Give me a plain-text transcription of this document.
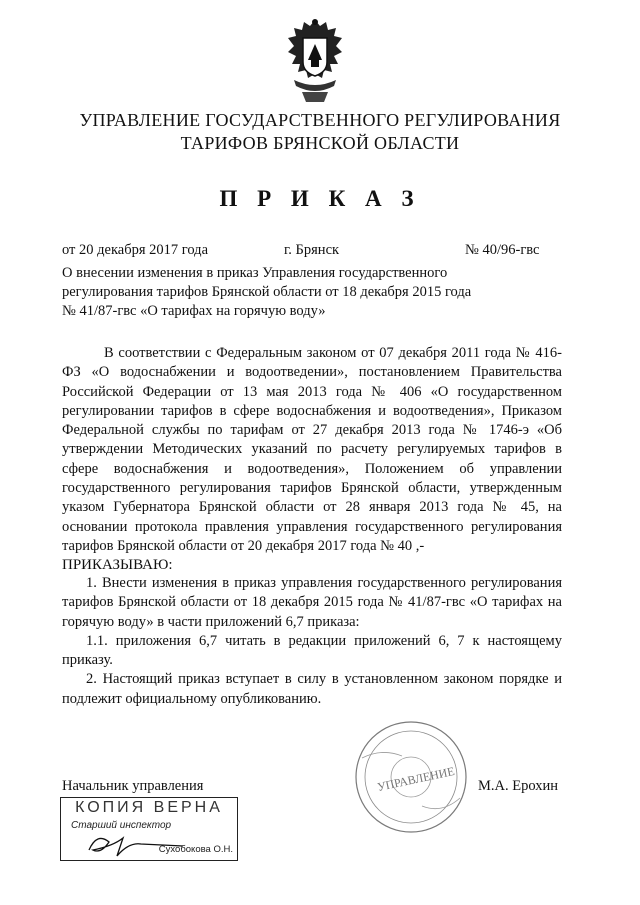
УПРАВЛЕНИЕ ГОСУДАРСТВЕННОГО РЕГУЛИРОВАНИЯ
ТАРИФОВ БРЯНСКОЙ ОБЛАСТИ
П Р И К А З
от 20 декабря 2017 года	г. Брянск	№ 40/96-гвс
О внесении изменения в приказ Управления государственного
регулирования тарифов Брянской области от 18 декабря 2015 года
№ 41/87-гвс «О тарифах на горячую воду»

В соответствии с Федеральным законом от 07 декабря 2011 года № 416-ФЗ «О водоснабжении и водоотведении», постановлением Правительства Российской Федерации от 13 мая 2013 года № 406 «О государственном регулировании тарифов в сфере водоснабжения и водоотведения», Приказом Федеральной службы по тарифам от 27 декабря 2013 года № 1746-э «Об утверждении Методических указаний по расчету регулируемых тарифов в сфере водоснабжения и водоотведения», Положением об управлении государственного регулирования тарифов Брянской области, утвержденным указом Губернатора Брянской области от 28 января 2013 года № 45, на основании протокола правления управления государственного регулирования тарифов Брянской области от 20 декабря 2017 года № 40 ,-

ПРИКАЗЫВАЮ:

1. Внести изменения в приказ управления государственного регулирования тарифов Брянской области от 18 декабря 2015 года № 41/87-гвс «О тарифах на горячую воду» в части приложений 6,7 приказа:

1.1. приложения 6,7 читать в редакции приложений 6, 7 к настоящему приказу.

2. Настоящий приказ вступает в силу в установленном законом порядке и подлежит официальному опубликованию.

УПРАВЛЕНИЕ
Начальник управления	М.А. Ерохин
КОПИЯ ВЕРНА
Старший инспектор
Сухобокова О.Н.
